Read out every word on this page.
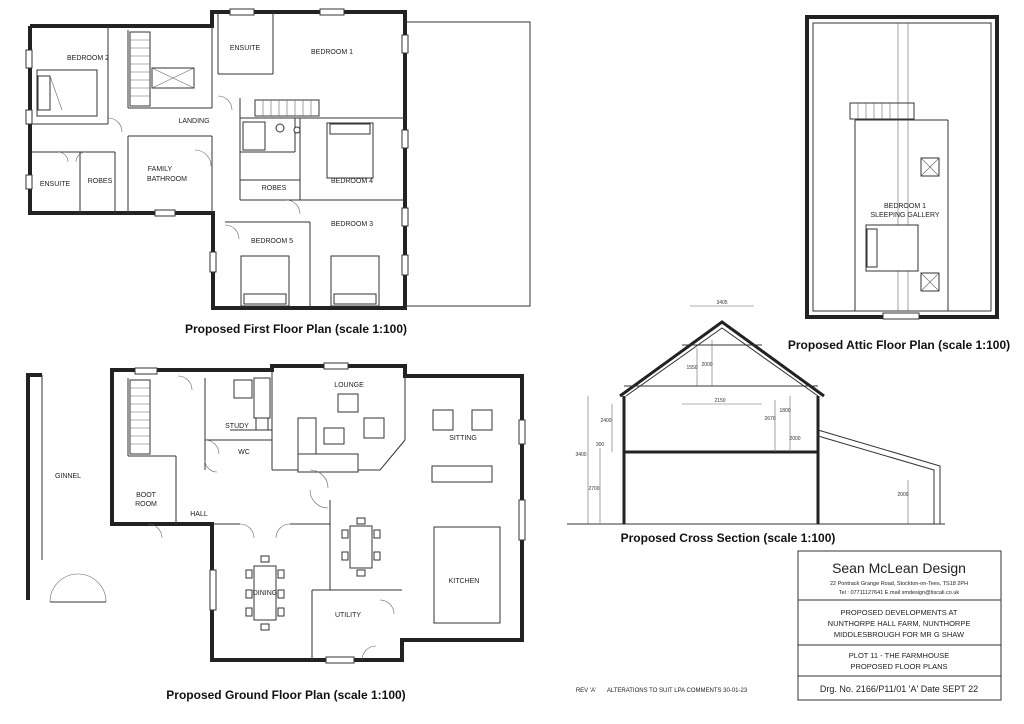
BEDROOM 2
ENSUITE
BEDROOM 1
LANDING
ENSUITE	ROBES
FAMILY
BATHROOM
ROBES
BEDROOM 4
BEDROOM 3
BEDROOM 5
Proposed First Floor Plan (scale 1:100)
BEDROOM 1
SLEEPING GALLERY
Proposed Attic Floor Plan (scale 1:100)
GINNEL
STUDY
WC
LOUNGE
SITTING
BOOT
ROOM
HALL
DINING
UTILITY
KITCHEN
Proposed Ground Floor Plan (scale 1:100)
3405
1550 2000
2150
2400	2670
1800
2000
3400
300
2700
2000
Proposed Cross Section (scale 1:100)
Sean McLean Design
22 Pontrack Grange Road, Stockton-on-Tees, TS18 2PH
Tel : 07711127641 E.mail smdesign@tiscali.co.uk
PROPOSED DEVELOPMENTS AT
NUNTHORPE HALL FARM, NUNTHORPE
MIDDLESBROUGH FOR MR G SHAW
PLOT 11 - THE FARMHOUSE
PROPOSED FLOOR PLANS
Drg. No. 2166/P11/01 'A' Date SEPT 22
REV 'A' ALTERATIONS TO SUIT LPA COMMENTS 30-01-23
